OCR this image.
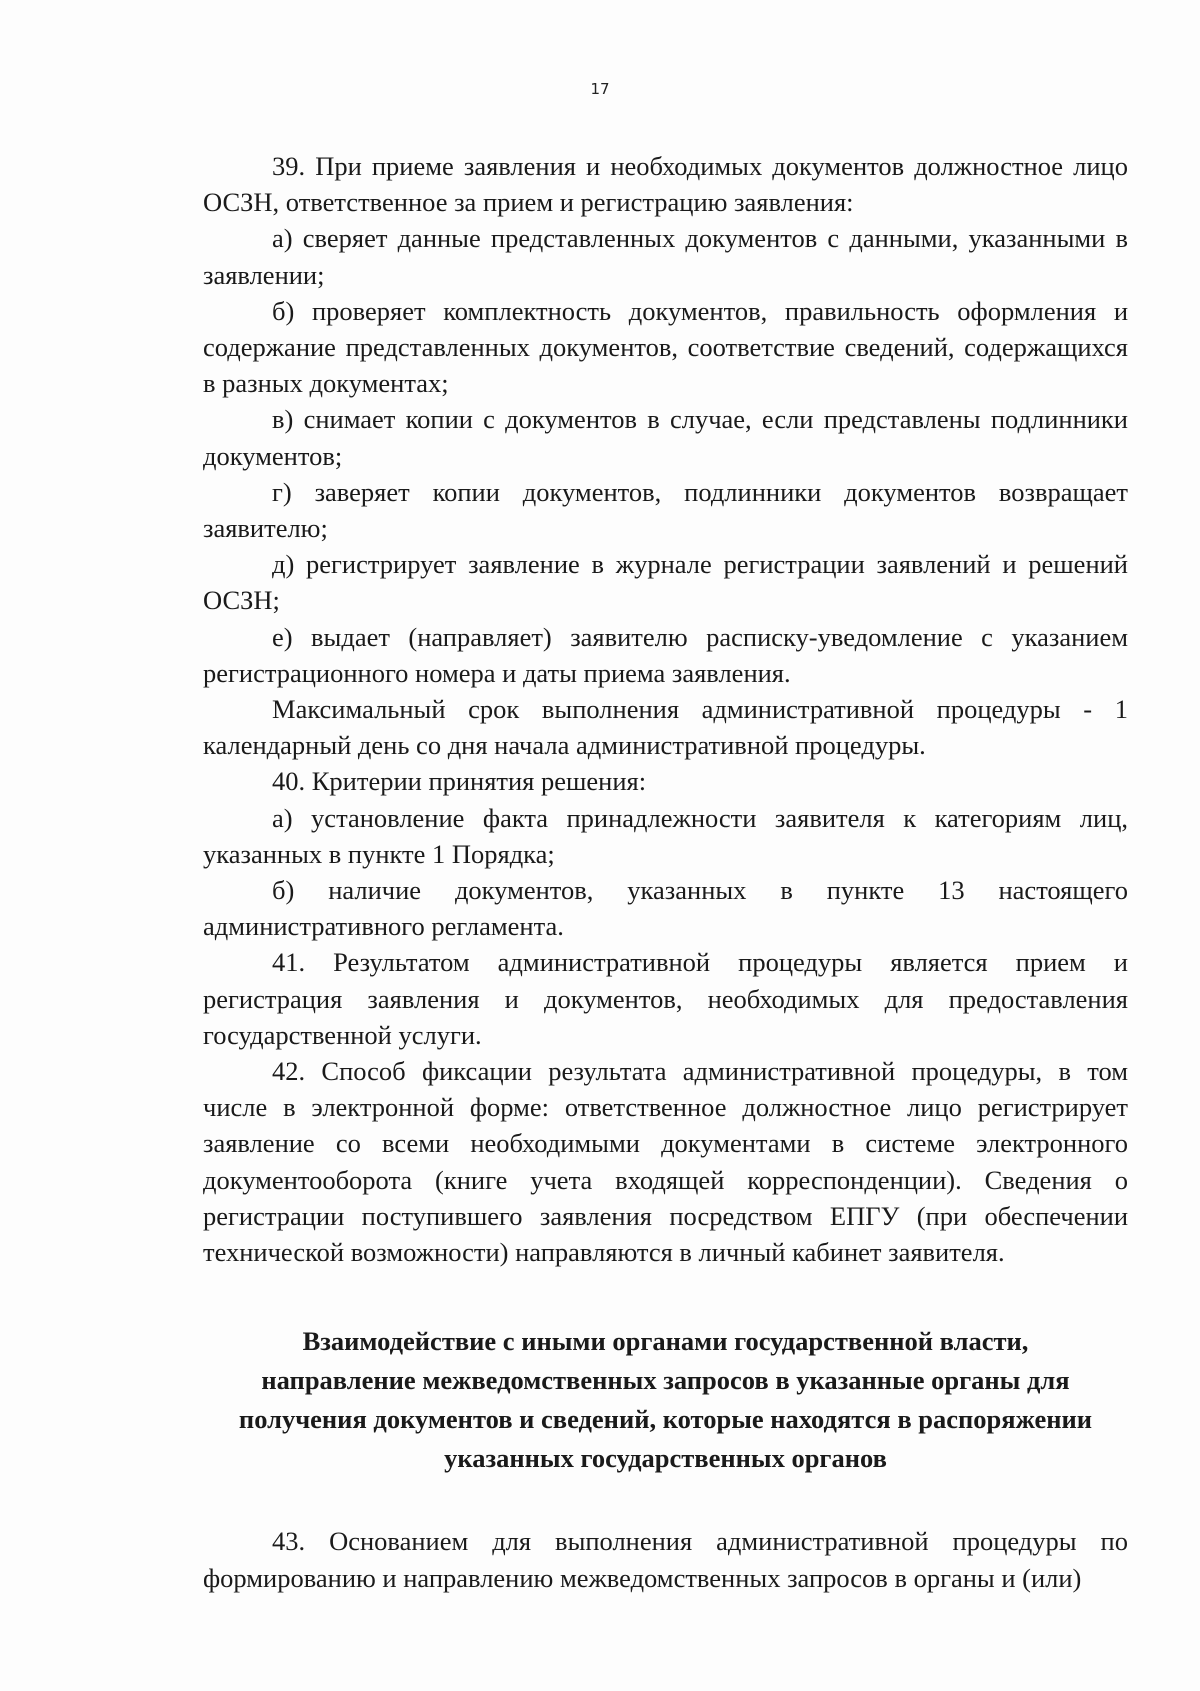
17

39. При приеме заявления и необходимых документов должностное лицо ОСЗН, ответственное за прием и регистрацию заявления:

а) сверяет данные представленных документов с данными, указанными в заявлении;

б) проверяет комплектность документов, правильность оформления и содержание представленных документов, соответствие сведений, содержащихся в разных документах;

в) снимает копии с документов в случае, если представлены подлинники документов;

г) заверяет копии документов, подлинники документов возвращает заявителю;

д) регистрирует заявление в журнале регистрации заявлений и решений ОСЗН;

е) выдает (направляет) заявителю расписку-уведомление с указанием регистрационного номера и даты приема заявления.

Максимальный срок выполнения административной процедуры - 1 календарный день со дня начала административной процедуры.

40. Критерии принятия решения:

а) установление факта принадлежности заявителя к категориям лиц, указанных в пункте 1 Порядка;

б) наличие документов, указанных в пункте 13 настоящего административного регламента.

41. Результатом административной процедуры является прием и регистрация заявления и документов, необходимых для предоставления государственной услуги.

42. Способ фиксации результата административной процедуры, в том числе в электронной форме: ответственное должностное лицо регистрирует заявление со всеми необходимыми документами в системе электронного документооборота (книге учета входящей корреспонденции). Сведения о регистрации поступившего заявления посредством ЕПГУ (при обеспечении технической возможности) направляются в личный кабинет заявителя.

Взаимодействие с иными органами государственной власти,
направление межведомственных запросов в указанные органы для
получения документов и сведений, которые находятся в распоряжении
указанных государственных органов

43. Основанием для выполнения административной процедуры по формированию и направлению межведомственных запросов в органы и (или)
